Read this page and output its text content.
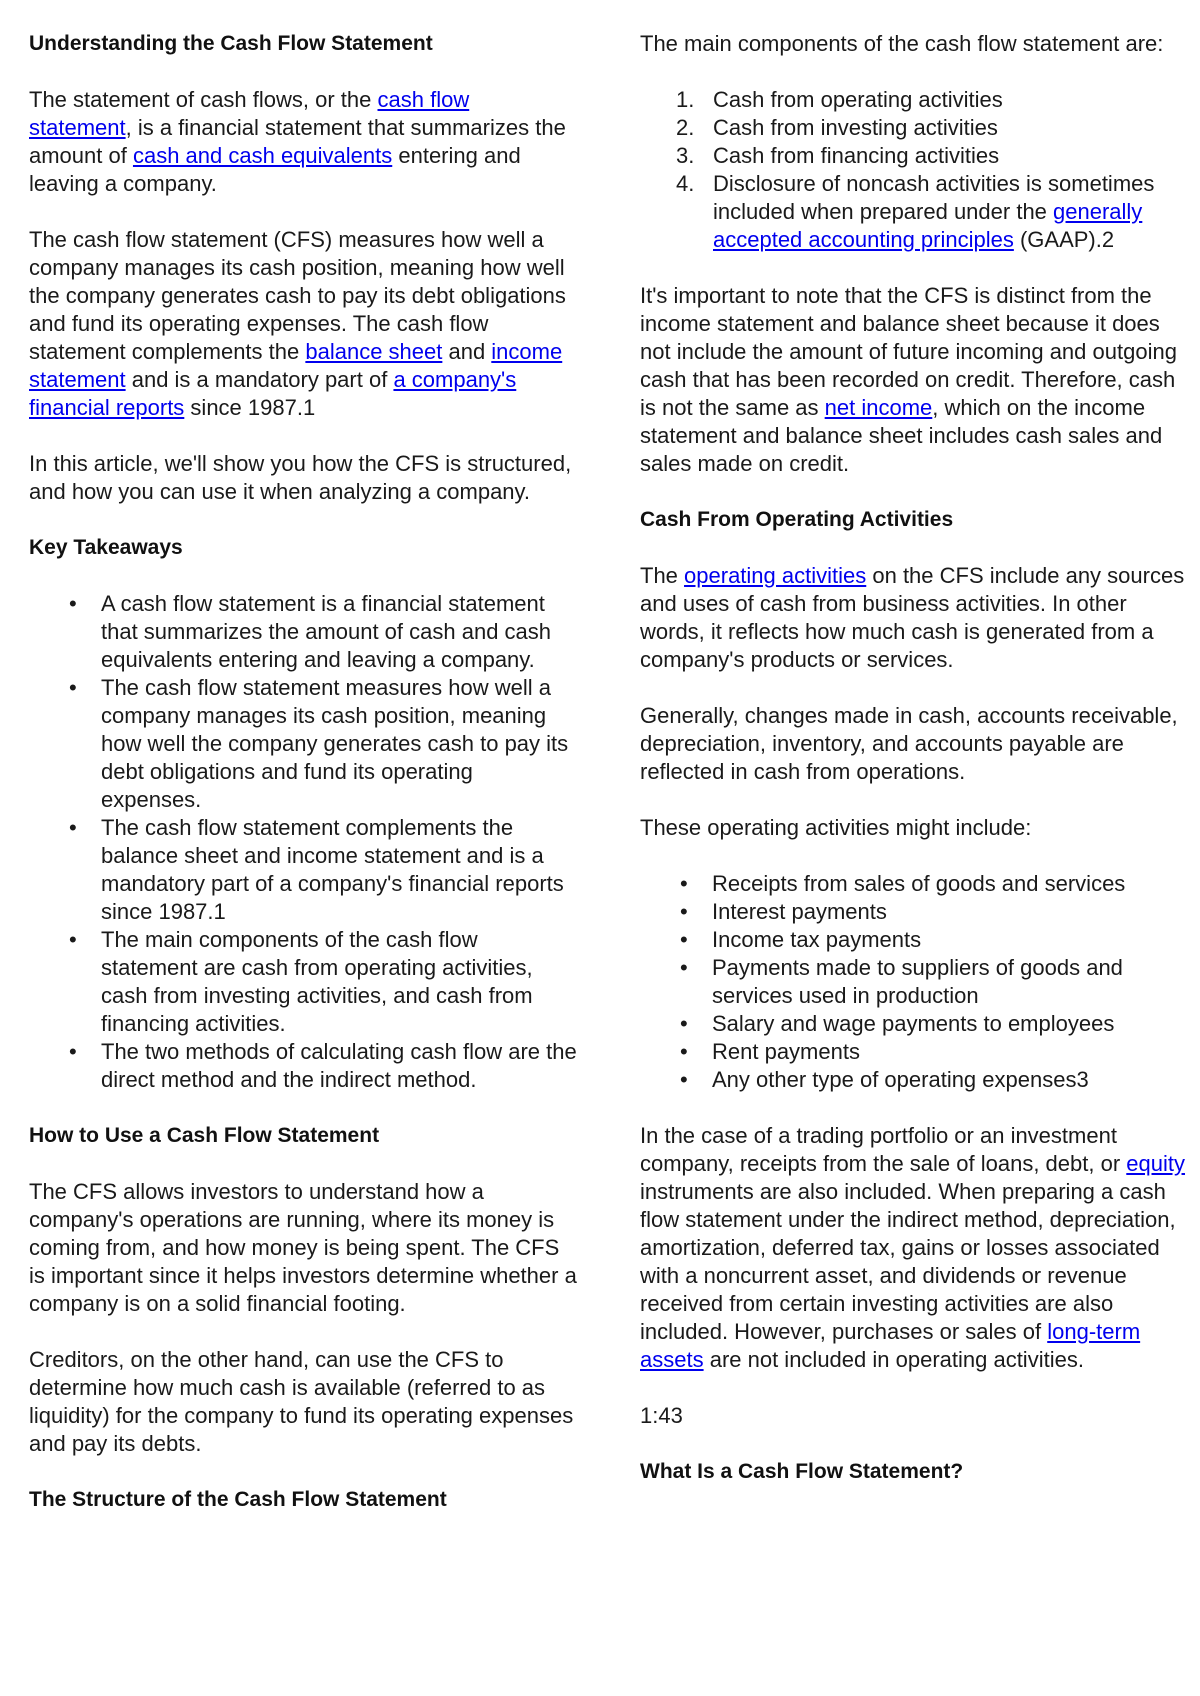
Understanding the Cash Flow Statement

The statement of cash flows, or the cash flow statement, is a financial statement that summarizes the amount of cash and cash equivalents entering and leaving a company.

The cash flow statement (CFS) measures how well a company manages its cash position, meaning how well the company generates cash to pay its debt obligations and fund its operating expenses. The cash flow statement complements the balance sheet and income statement and is a mandatory part of a company's financial reports since 1987.1

In this article, we'll show you how the CFS is structured, and how you can use it when analyzing a company.

Key Takeaways
• A cash flow statement is a financial statement that summarizes the amount of cash and cash equivalents entering and leaving a company.
• The cash flow statement measures how well a company manages its cash position, meaning how well the company generates cash to pay its debt obligations and fund its operating expenses.
• The cash flow statement complements the balance sheet and income statement and is a mandatory part of a company's financial reports since 1987.1
• The main components of the cash flow statement are cash from operating activities, cash from investing activities, and cash from financing activities.
• The two methods of calculating cash flow are the direct method and the indirect method.
How to Use a Cash Flow Statement

The CFS allows investors to understand how a company's operations are running, where its money is coming from, and how money is being spent. The CFS is important since it helps investors determine whether a company is on a solid financial footing.

Creditors, on the other hand, can use the CFS to determine how much cash is available (referred to as liquidity) for the company to fund its operating expenses and pay its debts.

The Structure of the Cash Flow Statement

The main components of the cash flow statement are:

1. Cash from operating activities
2. Cash from investing activities
3. Cash from financing activities
4. Disclosure of noncash activities is sometimes included when prepared under the generally accepted accounting principles (GAAP).2

It's important to note that the CFS is distinct from the income statement and balance sheet because it does not include the amount of future incoming and outgoing cash that has been recorded on credit. Therefore, cash is not the same as net income, which on the income statement and balance sheet includes cash sales and sales made on credit.

Cash From Operating Activities

The operating activities on the CFS include any sources and uses of cash from business activities. In other words, it reflects how much cash is generated from a company's products or services.

Generally, changes made in cash, accounts receivable, depreciation, inventory, and accounts payable are reflected in cash from operations.

These operating activities might include:

• Receipts from sales of goods and services
• Interest payments
• Income tax payments
• Payments made to suppliers of goods and services used in production
• Salary and wage payments to employees
• Rent payments
• Any other type of operating expenses3

In the case of a trading portfolio or an investment company, receipts from the sale of loans, debt, or equity instruments are also included. When preparing a cash flow statement under the indirect method, depreciation, amortization, deferred tax, gains or losses associated with a noncurrent asset, and dividends or revenue received from certain investing activities are also included. However, purchases or sales of long-term assets are not included in operating activities.

1:43

What Is a Cash Flow Statement?
